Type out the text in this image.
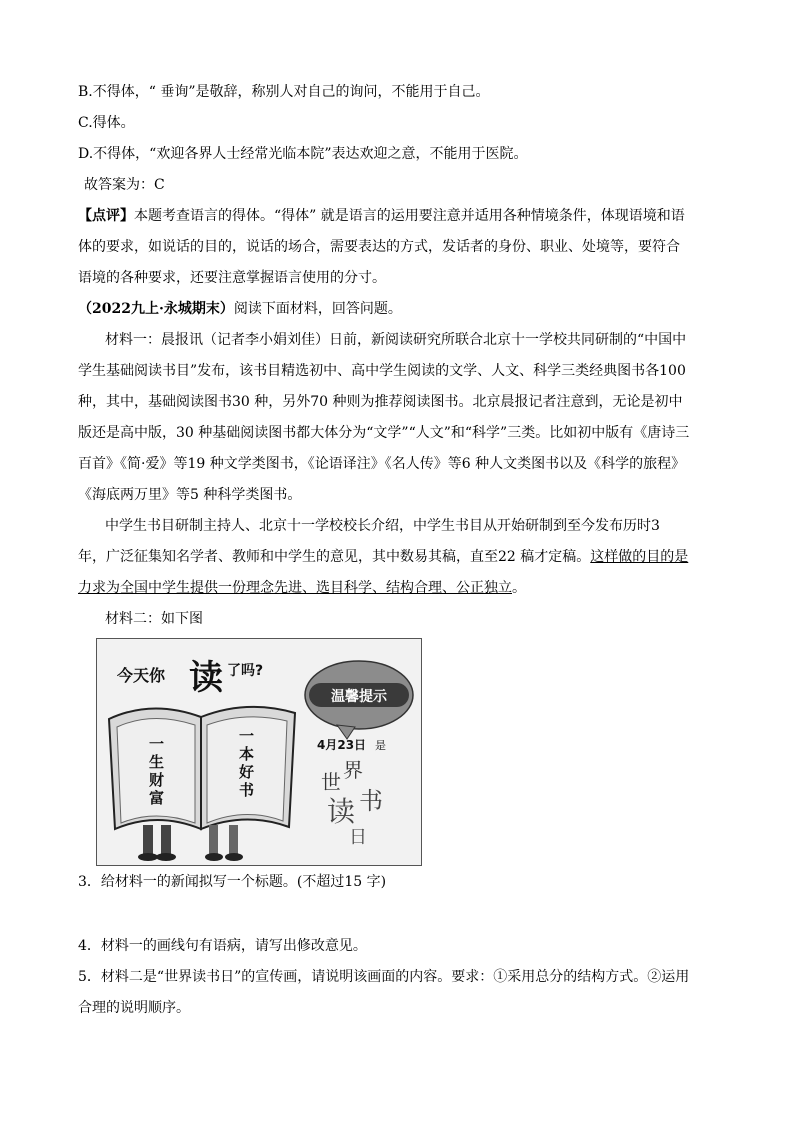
B.不得体，“ 垂询”是敬辞，称别人对自己的询问，不能用于自己。
C.得体。
D.不得体，“欢迎各界人士经常光临本院”表达欢迎之意，不能用于医院。
故答案为：C
【点评】本题考查语言的得体。“得体” 就是语言的运用要注意并适用各种情境条件，体现语境和语
体的要求，如说话的目的，说话的场合，需要表达的方式，发话者的身份、职业、处境等，要符合
语境的各种要求，还要注意掌握语言使用的分寸。
（2022九上·永城期末）阅读下面材料，回答问题。
材料一：晨报讯（记者李小娟刘佳）日前，新阅读研究所联合北京十一学校共同研制的“中国中
学生基础阅读书目”发布，该书目精选初中、高中学生阅读的文学、人文、科学三类经典图书各100
种，其中，基础阅读图书30 种，另外70 种则为推荐阅读图书。北京晨报记者注意到，无论是初中
版还是高中版，30 种基础阅读图书都大体分为“文学”“人文”和“科学”三类。比如初中版有《唐诗三
百首》《简·爱》等19 种文学类图书，《论语译注》《名人传》等6 种人文类图书以及《科学的旅程》
《海底两万里》等5 种科学类图书。
中学生书目研制主持人、北京十一学校校长介绍，中学生书目从开始研制到至今发布历时3
年，广泛征集知名学者、教师和中学生的意见，其中数易其稿，直至22 稿才定稿。这样做的目的是
力求为全国中学生提供一份理念先进、选目科学、结构合理、公正独立。
材料二：如下图
今天你 读 了吗?
一
生
财
富
一
本
好
书
温馨提示
4月23日 是
世 界
读 书
日
3．给材料一的新闻拟写一个标题。(不超过15 字)
4．材料一的画线句有语病，请写出修改意见。
5．材料二是“世界读书日”的宣传画，请说明该画面的内容。要求：①采用总分的结构方式。②运用
合理的说明顺序。
